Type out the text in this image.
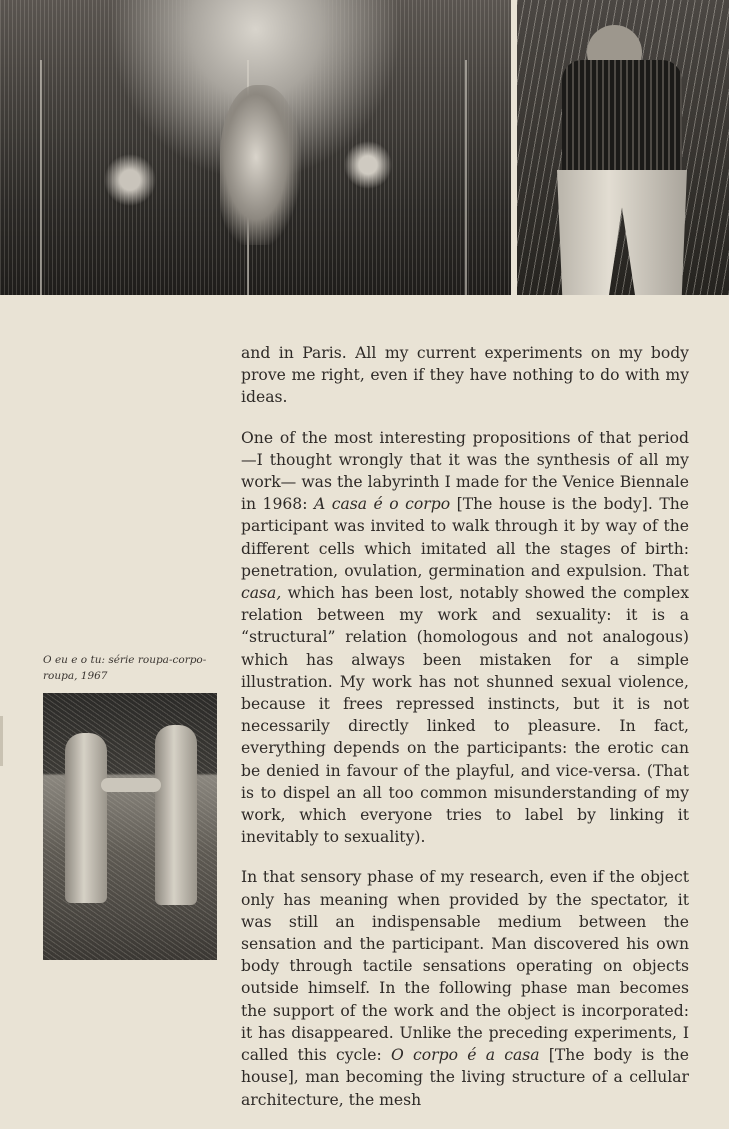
O eu e o tu: série roupa-corpo-roupa, 1967

and in Paris. All my current experiments on my body prove me right, even if they have nothing to do with my ideas.

One of the most interesting propositions of that period —I thought wrongly that it was the synthesis of all my work— was the labyrinth I made for the Venice Biennale in 1968: A casa é o corpo [The house is the body]. The participant was invited to walk through it by way of the different cells which imitated all the stages of birth: penetration, ovulation, germination and expulsion. That casa, which has been lost, notably showed the complex relation between my work and sexuality: it is a “structural” relation (homologous and not analogous) which has always been mistaken for a simple illustration. My work has not shunned sexual violence, because it frees repressed instincts, but it is not necessarily directly linked to pleasure. In fact, everything depends on the participants: the erotic can be denied in favour of the playful, and vice-versa. (That is to dispel an all too common misunderstanding of my work, which everyone tries to label by linking it inevitably to sexuality).

In that sensory phase of my research, even if the object only has meaning when provided by the spectator, it was still an indispensable medium between the sensation and the participant. Man discovered his own body through tactile sensations operating on objects outside himself. In the following phase man becomes the support of the work and the object is incorporated: it has disappeared. Unlike the preceding experiments, I called this cycle: O corpo é a casa [The body is the house], man becoming the living structure of a cellular architecture, the mesh
